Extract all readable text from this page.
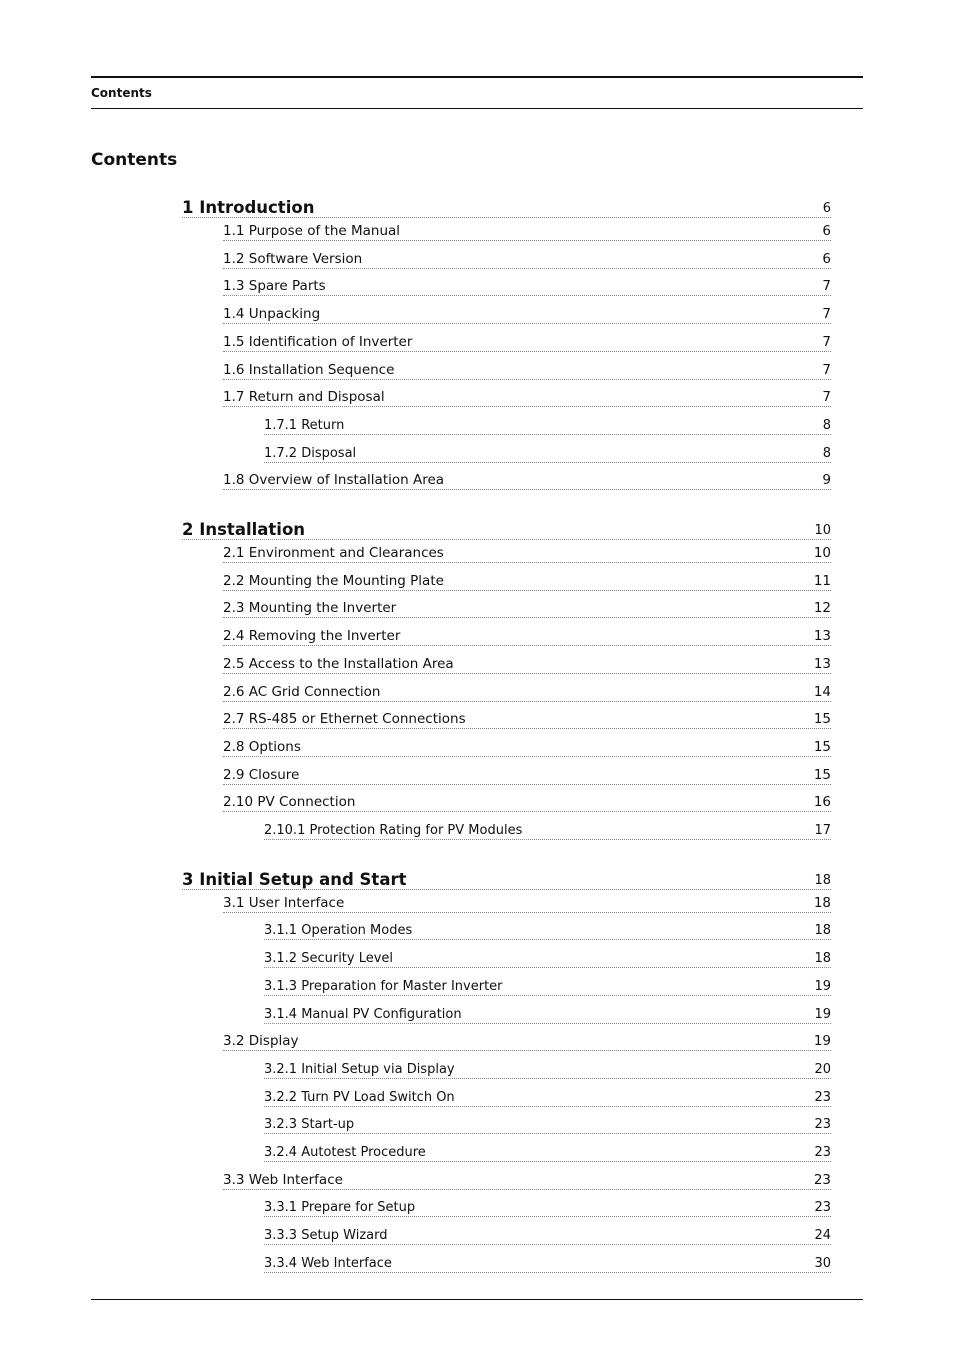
Contents
Contents
1 Introduction	6
1.1 Purpose of the Manual	6
1.2 Software Version	6
1.3 Spare Parts	7
1.4 Unpacking	7
1.5 Identification of Inverter	7
1.6 Installation Sequence	7
1.7 Return and Disposal	7
1.7.1 Return	8
1.7.2 Disposal	8
1.8 Overview of Installation Area	9
2 Installation	10
2.1 Environment and Clearances	10
2.2 Mounting the Mounting Plate	11
2.3 Mounting the Inverter	12
2.4 Removing the Inverter	13
2.5 Access to the Installation Area	13
2.6 AC Grid Connection	14
2.7 RS-485 or Ethernet Connections	15
2.8 Options	15
2.9 Closure	15
2.10 PV Connection	16
2.10.1 Protection Rating for PV Modules	17
3 Initial Setup and Start	18
3.1 User Interface	18
3.1.1 Operation Modes	18
3.1.2 Security Level	18
3.1.3 Preparation for Master Inverter	19
3.1.4 Manual PV Configuration	19
3.2 Display	19
3.2.1 Initial Setup via Display	20
3.2.2 Turn PV Load Switch On	23
3.2.3 Start-up	23
3.2.4 Autotest Procedure	23
3.3 Web Interface	23
3.3.1 Prepare for Setup	23
3.3.3 Setup Wizard	24
3.3.4 Web Interface	30
